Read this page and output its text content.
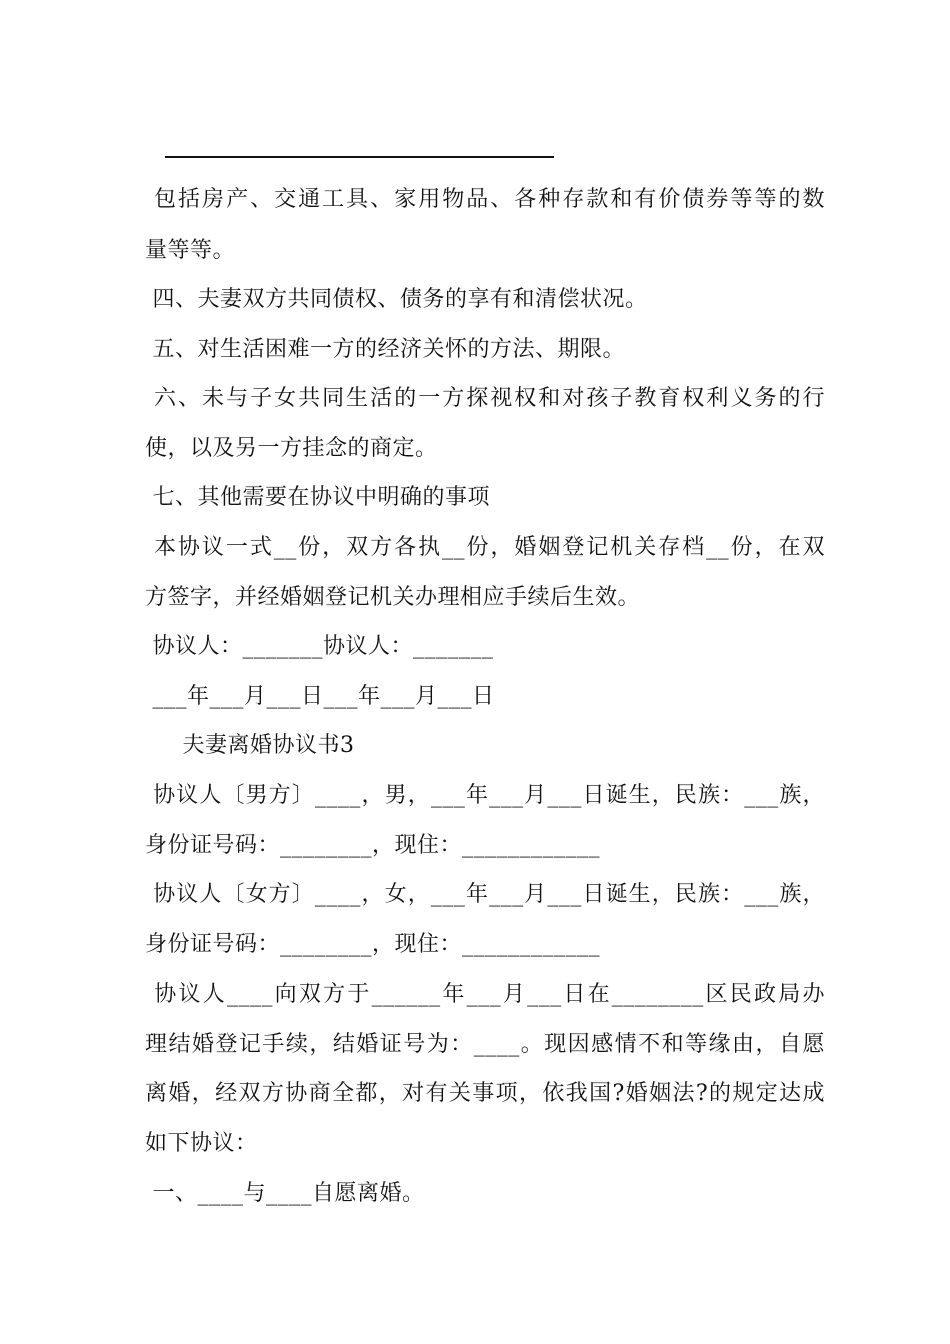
包括房产、交通工具、家用物品、各种存款和有价债券等等的数
量等等。
四、夫妻双方共同债权、债务的享有和清偿状况。
五、对生活困难一方的经济关怀的方法、期限。
六、未与子女共同生活的一方探视权和对孩子教育权利义务的行
使，以及另一方挂念的商定。
七、其他需要在协议中明确的事项
本协议一式__份，双方各执__份，婚姻登记机关存档__份，在双
方签字，并经婚姻登记机关办理相应手续后生效。
协议人：_______协议人：_______
___年___月___日___年___月___日
夫妻离婚协议书3
协议人〔男方〕____，男，___年___月___日诞生，民族：___族，
身份证号码：________，现住：____________
协议人〔女方〕____，女，___年___月___日诞生，民族：___族，
身份证号码：________，现住：____________
协议人____向双方于______年___月___日在________区民政局办
理结婚登记手续，结婚证号为：____。现因感情不和等缘由，自愿
离婚，经双方协商全都，对有关事项，依我国?婚姻法?的规定达成
如下协议：
一、____与____自愿离婚。
